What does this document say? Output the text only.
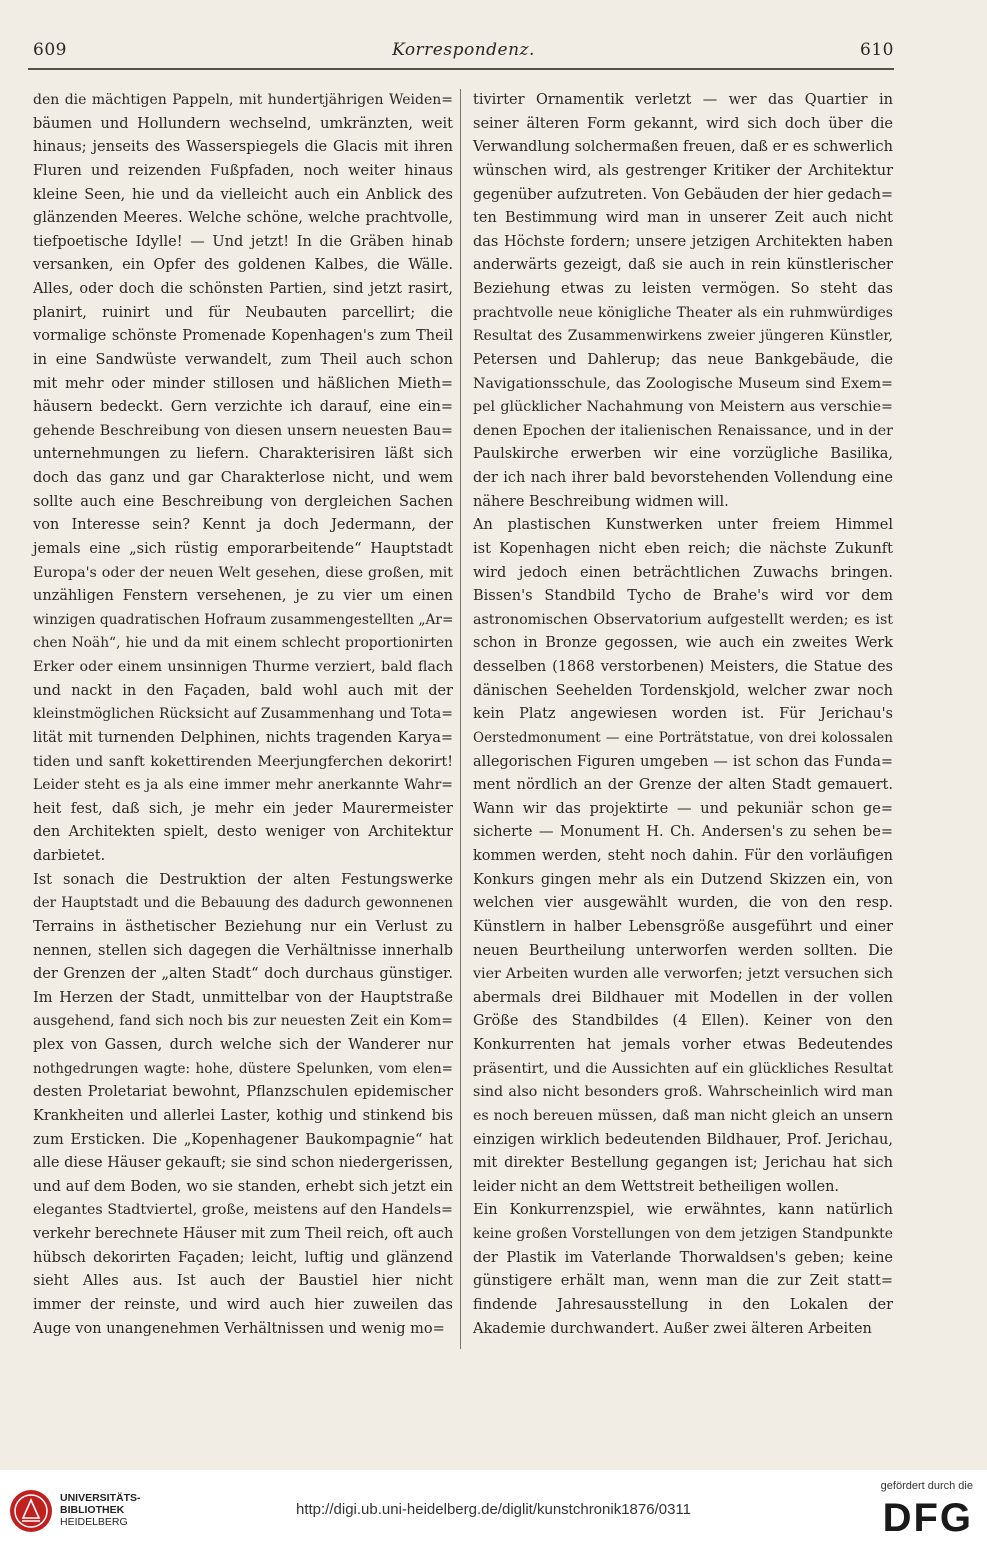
609	Korrespondenz.	610
den die mächtigen Pappeln, mit hundertjährigen Weiden=
bäumen und Hollundern wechselnd, umkränzten, weit
hinaus; jenseits des Wasserspiegels die Glacis mit ihren
Fluren und reizenden Fußpfaden, noch weiter hinaus
kleine Seen, hie und da vielleicht auch ein Anblick des
glänzenden Meeres. Welche schöne, welche prachtvolle,
tiefpoetische Idylle! — Und jetzt! In die Gräben hinab
versanken, ein Opfer des goldenen Kalbes, die Wälle.
Alles, oder doch die schönsten Partien, sind jetzt rasirt,
planirt, ruinirt und für Neubauten parcellirt; die
vormalige schönste Promenade Kopenhagen's zum Theil
in eine Sandwüste verwandelt, zum Theil auch schon
mit mehr oder minder stillosen und häßlichen Mieth=
häusern bedeckt. Gern verzichte ich darauf, eine ein=
gehende Beschreibung von diesen unsern neuesten Bau=
unternehmungen zu liefern. Charakterisiren läßt sich
doch das ganz und gar Charakterlose nicht, und wem
sollte auch eine Beschreibung von dergleichen Sachen
von Interesse sein? Kennt ja doch Jedermann, der
jemals eine „sich rüstig emporarbeitende“ Hauptstadt
Europa's oder der neuen Welt gesehen, diese großen, mit
unzähligen Fenstern versehenen, je zu vier um einen
winzigen quadratischen Hofraum zusammengestellten „Ar=
chen Noäh“, hie und da mit einem schlecht proportionirten
Erker oder einem unsinnigen Thurme verziert, bald flach
und nackt in den Façaden, bald wohl auch mit der
kleinstmöglichen Rücksicht auf Zusammenhang und Tota=
lität mit turnenden Delphinen, nichts tragenden Karya=
tiden und sanft kokettirenden Meerjungferchen dekorirt!
Leider steht es ja als eine immer mehr anerkannte Wahr=
heit fest, daß sich, je mehr ein jeder Maurermeister
den Architekten spielt, desto weniger von Architektur
darbietet.
Ist sonach die Destruktion der alten Festungswerke
der Hauptstadt und die Bebauung des dadurch gewonnenen
Terrains in ästhetischer Beziehung nur ein Verlust zu
nennen, stellen sich dagegen die Verhältnisse innerhalb
der Grenzen der „alten Stadt“ doch durchaus günstiger.
Im Herzen der Stadt, unmittelbar von der Hauptstraße
ausgehend, fand sich noch bis zur neuesten Zeit ein Kom=
plex von Gassen, durch welche sich der Wanderer nur
nothgedrungen wagte: hohe, düstere Spelunken, vom elen=
desten Proletariat bewohnt, Pflanzschulen epidemischer
Krankheiten und allerlei Laster, kothig und stinkend bis
zum Ersticken. Die „Kopenhagener Baukompagnie“ hat
alle diese Häuser gekauft; sie sind schon niedergerissen,
und auf dem Boden, wo sie standen, erhebt sich jetzt ein
elegantes Stadtviertel, große, meistens auf den Handels=
verkehr berechnete Häuser mit zum Theil reich, oft auch
hübsch dekorirten Façaden; leicht, luftig und glänzend
sieht Alles aus. Ist auch der Baustiel hier nicht
immer der reinste, und wird auch hier zuweilen das
Auge von unangenehmen Verhältnissen und wenig mo=
tivirter Ornamentik verletzt — wer das Quartier in
seiner älteren Form gekannt, wird sich doch über die
Verwandlung solchermaßen freuen, daß er es schwerlich
wünschen wird, als gestrenger Kritiker der Architektur
gegenüber aufzutreten. Von Gebäuden der hier gedach=
ten Bestimmung wird man in unserer Zeit auch nicht
das Höchste fordern; unsere jetzigen Architekten haben
anderwärts gezeigt, daß sie auch in rein künstlerischer
Beziehung etwas zu leisten vermögen. So steht das
prachtvolle neue königliche Theater als ein ruhmwürdiges
Resultat des Zusammenwirkens zweier jüngeren Künstler,
Petersen und Dahlerup; das neue Bankgebäude, die
Navigationsschule, das Zoologische Museum sind Exem=
pel glücklicher Nachahmung von Meistern aus verschie=
denen Epochen der italienischen Renaissance, und in der
Paulskirche erwerben wir eine vorzügliche Basilika,
der ich nach ihrer bald bevorstehenden Vollendung eine
nähere Beschreibung widmen will.
An plastischen Kunstwerken unter freiem Himmel
ist Kopenhagen nicht eben reich; die nächste Zukunft
wird jedoch einen beträchtlichen Zuwachs bringen.
Bissen's Standbild Tycho de Brahe's wird vor dem
astronomischen Observatorium aufgestellt werden; es ist
schon in Bronze gegossen, wie auch ein zweites Werk
desselben (1868 verstorbenen) Meisters, die Statue des
dänischen Seehelden Tordenskjold, welcher zwar noch
kein Platz angewiesen worden ist. Für Jerichau's
Oerstedmonument — eine Porträtstatue, von drei kolossalen
allegorischen Figuren umgeben — ist schon das Funda=
ment nördlich an der Grenze der alten Stadt gemauert.
Wann wir das projektirte — und pekuniär schon ge=
sicherte — Monument H. Ch. Andersen's zu sehen be=
kommen werden, steht noch dahin. Für den vorläufigen
Konkurs gingen mehr als ein Dutzend Skizzen ein, von
welchen vier ausgewählt wurden, die von den resp.
Künstlern in halber Lebensgröße ausgeführt und einer
neuen Beurtheilung unterworfen werden sollten. Die
vier Arbeiten wurden alle verworfen; jetzt versuchen sich
abermals drei Bildhauer mit Modellen in der vollen
Größe des Standbildes (4 Ellen). Keiner von den
Konkurrenten hat jemals vorher etwas Bedeutendes
präsentirt, und die Aussichten auf ein glückliches Resultat
sind also nicht besonders groß. Wahrscheinlich wird man
es noch bereuen müssen, daß man nicht gleich an unsern
einzigen wirklich bedeutenden Bildhauer, Prof. Jerichau,
mit direkter Bestellung gegangen ist; Jerichau hat sich
leider nicht an dem Wettstreit betheiligen wollen.
Ein Konkurrenzspiel, wie erwähntes, kann natürlich
keine großen Vorstellungen von dem jetzigen Standpunkte
der Plastik im Vaterlande Thorwaldsen's geben; keine
günstigere erhält man, wenn man die zur Zeit statt=
findende Jahresausstellung in den Lokalen der
Akademie durchwandert. Außer zwei älteren Arbeiten
UNIVERSITÄTS-
BIBLIOTHEK
HEIDELBERG
http://digi.ub.uni-heidelberg.de/diglit/kunstchronik1876/0311
gefördert durch die
DFG
